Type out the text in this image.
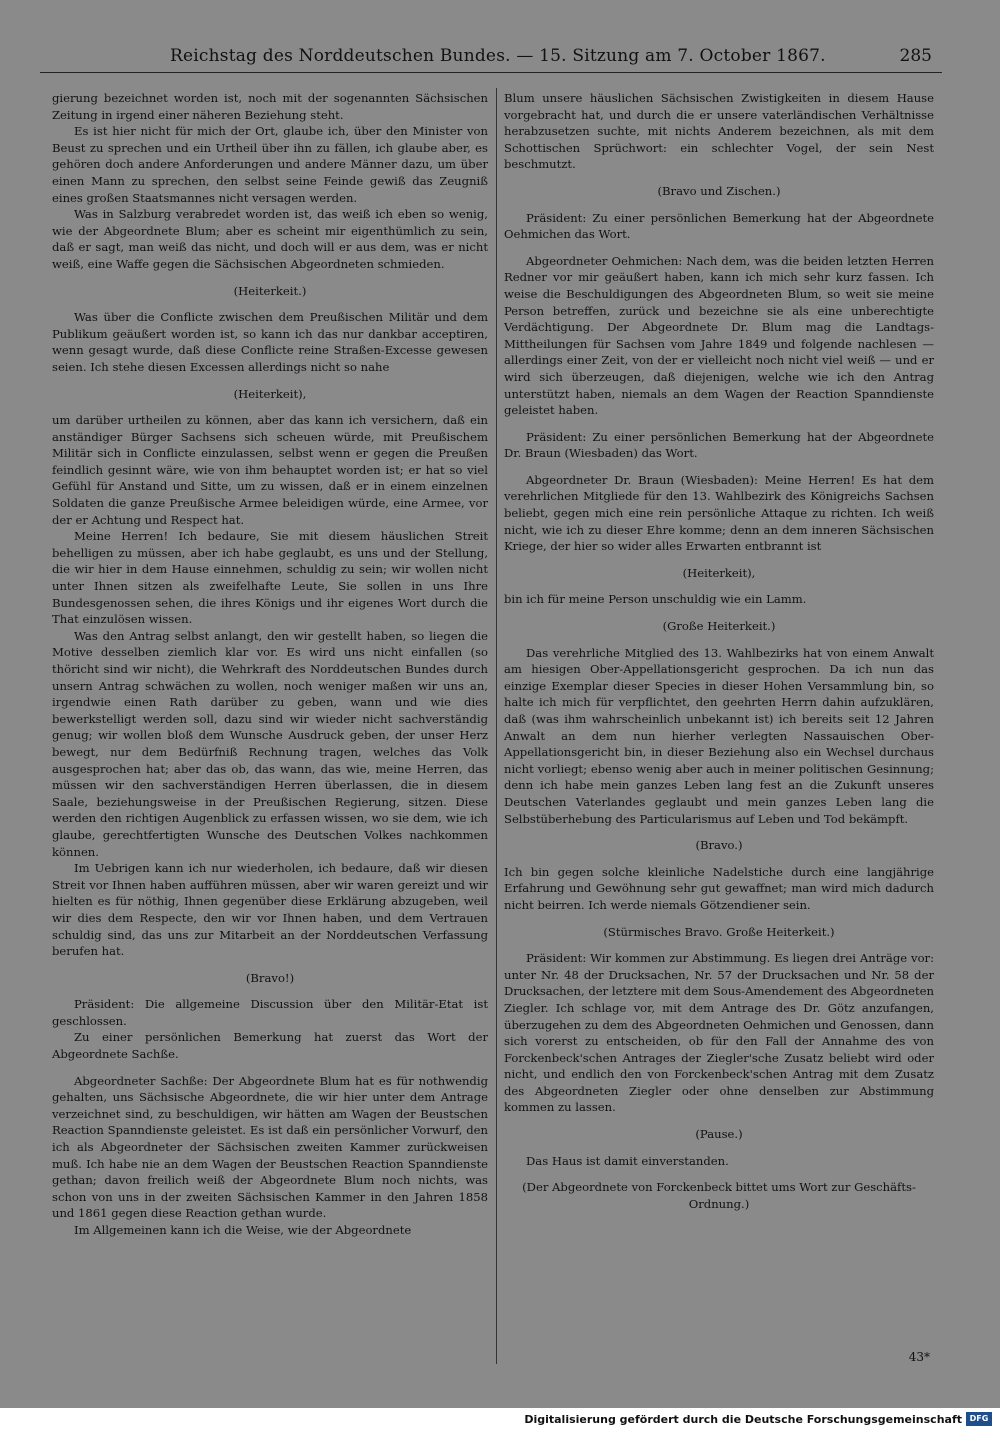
Reichstag des Norddeutschen Bundes. — 15. Sitzung am 7. October 1867.	285

gierung bezeichnet worden ist, noch mit der sogenannten Sächsischen Zeitung in irgend einer näheren Beziehung steht.

Es ist hier nicht für mich der Ort, glaube ich, über den Minister von Beust zu sprechen und ein Urtheil über ihn zu fällen, ich glaube aber, es gehören doch andere Anforderungen und andere Männer dazu, um über einen Mann zu sprechen, den selbst seine Feinde gewiß das Zeugniß eines großen Staatsmannes nicht versagen werden.

Was in Salzburg verabredet worden ist, das weiß ich eben so wenig, wie der Abgeordnete Blum; aber es scheint mir eigenthümlich zu sein, daß er sagt, man weiß das nicht, und doch will er aus dem, was er nicht weiß, eine Waffe gegen die Sächsischen Abgeordneten schmieden.

(Heiterkeit.)

Was über die Conflicte zwischen dem Preußischen Militär und dem Publikum geäußert worden ist, so kann ich das nur dankbar acceptiren, wenn gesagt wurde, daß diese Conflicte reine Straßen-Excesse gewesen seien. Ich stehe diesen Excessen allerdings nicht so nahe

(Heiterkeit),

um darüber urtheilen zu können, aber das kann ich versichern, daß ein anständiger Bürger Sachsens sich scheuen würde, mit Preußischem Militär sich in Conflicte einzulassen, selbst wenn er gegen die Preußen feindlich gesinnt wäre, wie von ihm behauptet worden ist; er hat so viel Gefühl für Anstand und Sitte, um zu wissen, daß er in einem einzelnen Soldaten die ganze Preußische Armee beleidigen würde, eine Armee, vor der er Achtung und Respect hat.

Meine Herren! Ich bedaure, Sie mit diesem häuslichen Streit behelligen zu müssen, aber ich habe geglaubt, es uns und der Stellung, die wir hier in dem Hause einnehmen, schuldig zu sein; wir wollen nicht unter Ihnen sitzen als zweifelhafte Leute, Sie sollen in uns Ihre Bundesgenossen sehen, die ihres Königs und ihr eigenes Wort durch die That einzulösen wissen.

Was den Antrag selbst anlangt, den wir gestellt haben, so liegen die Motive desselben ziemlich klar vor. Es wird uns nicht einfallen (so thöricht sind wir nicht), die Wehrkraft des Norddeutschen Bundes durch unsern Antrag schwächen zu wollen, noch weniger maßen wir uns an, irgendwie einen Rath darüber zu geben, wann und wie dies bewerkstelligt werden soll, dazu sind wir wieder nicht sachverständig genug; wir wollen bloß dem Wunsche Ausdruck geben, der unser Herz bewegt, nur dem Bedürfniß Rechnung tragen, welches das Volk ausgesprochen hat; aber das ob, das wann, das wie, meine Herren, das müssen wir den sachverständigen Herren überlassen, die in diesem Saale, beziehungsweise in der Preußischen Regierung, sitzen. Diese werden den richtigen Augenblick zu erfassen wissen, wo sie dem, wie ich glaube, gerechtfertigten Wunsche des Deutschen Volkes nachkommen können.

Im Uebrigen kann ich nur wiederholen, ich bedaure, daß wir diesen Streit vor Ihnen haben aufführen müssen, aber wir waren gereizt und wir hielten es für nöthig, Ihnen gegenüber diese Erklärung abzugeben, weil wir dies dem Respecte, den wir vor Ihnen haben, und dem Vertrauen schuldig sind, das uns zur Mitarbeit an der Norddeutschen Verfassung berufen hat.

(Bravo!)

Präsident: Die allgemeine Discussion über den Militär-Etat ist geschlossen.

Zu einer persönlichen Bemerkung hat zuerst das Wort der Abgeordnete Sachße.

Abgeordneter Sachße: Der Abgeordnete Blum hat es für nothwendig gehalten, uns Sächsische Abgeordnete, die wir hier unter dem Antrage verzeichnet sind, zu beschuldigen, wir hätten am Wagen der Beustschen Reaction Spanndienste geleistet. Es ist daß ein persönlicher Vorwurf, den ich als Abgeordneter der Sächsischen zweiten Kammer zurückweisen muß. Ich habe nie an dem Wagen der Beustschen Reaction Spanndienste gethan; davon freilich weiß der Abgeordnete Blum noch nichts, was schon von uns in der zweiten Sächsischen Kammer in den Jahren 1858 und 1861 gegen diese Reaction gethan wurde.

Im Allgemeinen kann ich die Weise, wie der Abgeordnete

Blum unsere häuslichen Sächsischen Zwistigkeiten in diesem Hause vorgebracht hat, und durch die er unsere vaterländischen Verhältnisse herabzusetzen suchte, mit nichts Anderem bezeichnen, als mit dem Schottischen Sprüchwort: ein schlechter Vogel, der sein Nest beschmutzt.

(Bravo und Zischen.)

Präsident: Zu einer persönlichen Bemerkung hat der Abgeordnete Oehmichen das Wort.

Abgeordneter Oehmichen: Nach dem, was die beiden letzten Herren Redner vor mir geäußert haben, kann ich mich sehr kurz fassen. Ich weise die Beschuldigungen des Abgeordneten Blum, so weit sie meine Person betreffen, zurück und bezeichne sie als eine unberechtigte Verdächtigung. Der Abgeordnete Dr. Blum mag die Landtags-Mittheilungen für Sachsen vom Jahre 1849 und folgende nachlesen — allerdings einer Zeit, von der er vielleicht noch nicht viel weiß — und er wird sich überzeugen, daß diejenigen, welche wie ich den Antrag unterstützt haben, niemals an dem Wagen der Reaction Spanndienste geleistet haben.

Präsident: Zu einer persönlichen Bemerkung hat der Abgeordnete Dr. Braun (Wiesbaden) das Wort.

Abgeordneter Dr. Braun (Wiesbaden): Meine Herren! Es hat dem verehrlichen Mitgliede für den 13. Wahlbezirk des Königreichs Sachsen beliebt, gegen mich eine rein persönliche Attaque zu richten. Ich weiß nicht, wie ich zu dieser Ehre komme; denn an dem inneren Sächsischen Kriege, der hier so wider alles Erwarten entbrannt ist

(Heiterkeit),

bin ich für meine Person unschuldig wie ein Lamm.

(Große Heiterkeit.)

Das verehrliche Mitglied des 13. Wahlbezirks hat von einem Anwalt am hiesigen Ober-Appellationsgericht gesprochen. Da ich nun das einzige Exemplar dieser Species in dieser Hohen Versammlung bin, so halte ich mich für verpflichtet, den geehrten Herrn dahin aufzuklären, daß (was ihm wahrscheinlich unbekannt ist) ich bereits seit 12 Jahren Anwalt an dem nun hierher verlegten Nassauischen Ober-Appellationsgericht bin, in dieser Beziehung also ein Wechsel durchaus nicht vorliegt; ebenso wenig aber auch in meiner politischen Gesinnung; denn ich habe mein ganzes Leben lang fest an die Zukunft unseres Deutschen Vaterlandes geglaubt und mein ganzes Leben lang die Selbstüberhebung des Particularismus auf Leben und Tod bekämpft.

(Bravo.)

Ich bin gegen solche kleinliche Nadelstiche durch eine langjährige Erfahrung und Gewöhnung sehr gut gewaffnet; man wird mich dadurch nicht beirren. Ich werde niemals Götzendiener sein.

(Stürmisches Bravo. Große Heiterkeit.)

Präsident: Wir kommen zur Abstimmung. Es liegen drei Anträge vor: unter Nr. 48 der Drucksachen, Nr. 57 der Drucksachen und Nr. 58 der Drucksachen, der letztere mit dem Sous-Amendement des Abgeordneten Ziegler. Ich schlage vor, mit dem Antrage des Dr. Götz anzufangen, überzugehen zu dem des Abgeordneten Oehmichen und Genossen, dann sich vorerst zu entscheiden, ob für den Fall der Annahme des von Forckenbeck'schen Antrages der Ziegler'sche Zusatz beliebt wird oder nicht, und endlich den von Forckenbeck'schen Antrag mit dem Zusatz des Abgeordneten Ziegler oder ohne denselben zur Abstimmung kommen zu lassen.

(Pause.)

Das Haus ist damit einverstanden.

(Der Abgeordnete von Forckenbeck bittet ums Wort zur Geschäfts-Ordnung.)

43*
Digitalisierung gefördert durch die Deutsche Forschungsgemeinschaft DFG
